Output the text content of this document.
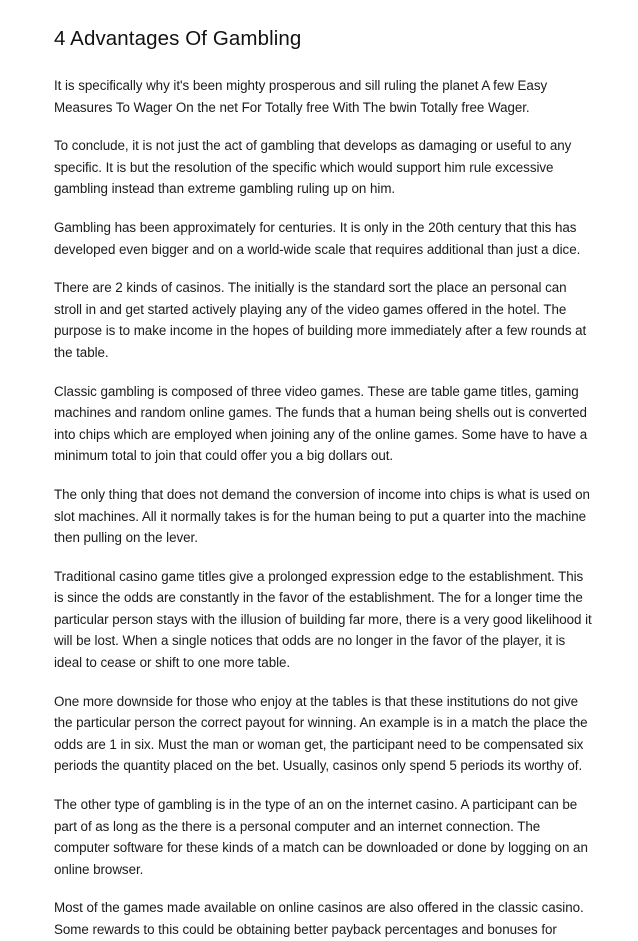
4 Advantages Of Gambling

It is specifically why it's been mighty prosperous and sill ruling the planet A few Easy Measures To Wager On the net For Totally free With The bwin Totally free Wager.

To conclude, it is not just the act of gambling that develops as damaging or useful to any specific. It is but the resolution of the specific which would support him rule excessive gambling instead than extreme gambling ruling up on him.

Gambling has been approximately for centuries. It is only in the 20th century that this has developed even bigger and on a world-wide scale that requires additional than just a dice.

There are 2 kinds of casinos. The initially is the standard sort the place an personal can stroll in and get started actively playing any of the video games offered in the hotel. The purpose is to make income in the hopes of building more immediately after a few rounds at the table.

Classic gambling is composed of three video games. These are table game titles, gaming machines and random online games. The funds that a human being shells out is converted into chips which are employed when joining any of the online games. Some have to have a minimum total to join that could offer you a big dollars out.

The only thing that does not demand the conversion of income into chips is what is used on slot machines. All it normally takes is for the human being to put a quarter into the machine then pulling on the lever.

Traditional casino game titles give a prolonged expression edge to the establishment. This is since the odds are constantly in the favor of the establishment. The for a longer time the particular person stays with the illusion of building far more, there is a very good likelihood it will be lost. When a single notices that odds are no longer in the favor of the player, it is ideal to cease or shift to one more table.

One more downside for those who enjoy at the tables is that these institutions do not give the particular person the correct payout for winning. An example is in a match the place the odds are 1 in six. Must the man or woman get, the participant need to be compensated six periods the quantity placed on the bet. Usually, casinos only spend 5 periods its worthy of.

The other type of gambling is in the type of an on the internet casino. A participant can be part of as long as the there is a personal computer and an internet connection. The computer software for these kinds of a match can be downloaded or done by logging on an online browser.

Most of the games made available on online casinos are also offered in the classic casino. Some rewards to this could be obtaining better payback percentages and bonuses for
